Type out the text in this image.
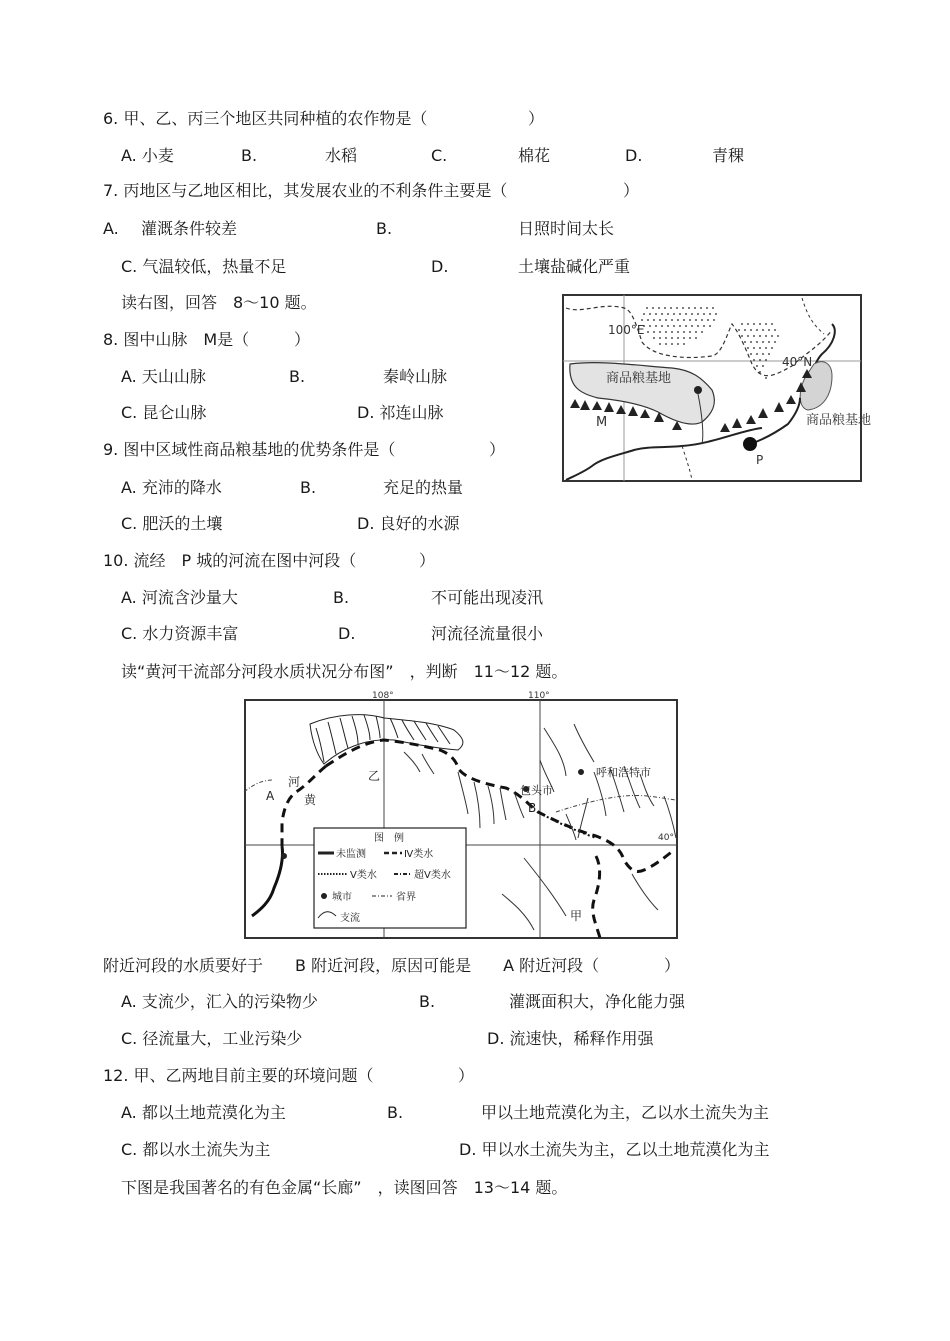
6. 甲、乙、丙三个地区共同种植的农作物是（	）
A. 小麦	B.	水稻	C.	棉花	D.	青稞
7. 丙地区与乙地区相比，其发展农业的不利条件主要是（	）
A. 灌溉条件较差	B.	日照时间太长
C. 气温较低，热量不足	D.	土壤盐碱化严重
读右图，回答　8～10 题。
8. 图中山脉　M是（	）
A. 天山山脉	B.	秦岭山脉
C. 昆仑山脉	D. 祁连山脉
9. 图中区域性商品粮基地的优势条件是（	）
A. 充沛的降水	B.	充足的热量
C. 肥沃的土壤	D. 良好的水源
10. 流经　P 城的河流在图中河段（	）
A. 河流含沙量大	B.	不可能出现凌汛
C. 水力资源丰富	D.	河流径流量很小
读“黄河干流部分河段水质状况分布图”　，判断　11～12 题。
附近河段的水质要好于　　B 附近河段，原因可能是　　A 附近河段（	）
A. 支流少，汇入的污染物少	B.	灌溉面积大，净化能力强
C. 径流量大，工业污染少	D. 流速快，稀释作用强
12. 甲、乙两地目前主要的环境问题（	）
A. 都以土地荒漠化为主	B.	甲以土地荒漠化为主，乙以水土流失为主
C. 都以水土流失为主	D. 甲以水土流失为主，乙以土地荒漠化为主
下图是我国著名的有色金属“长廊”　，读图回答　13～14 题。
商品粮基地
商品粮基地
M
100°E
40°N
P
108°	110°
40°
呼和浩特市
包头市
A
B
乙
甲
河
黄
图　例
未监测	Ⅳ类水
Ⅴ类水	超Ⅴ类水
城市	省界
支流
